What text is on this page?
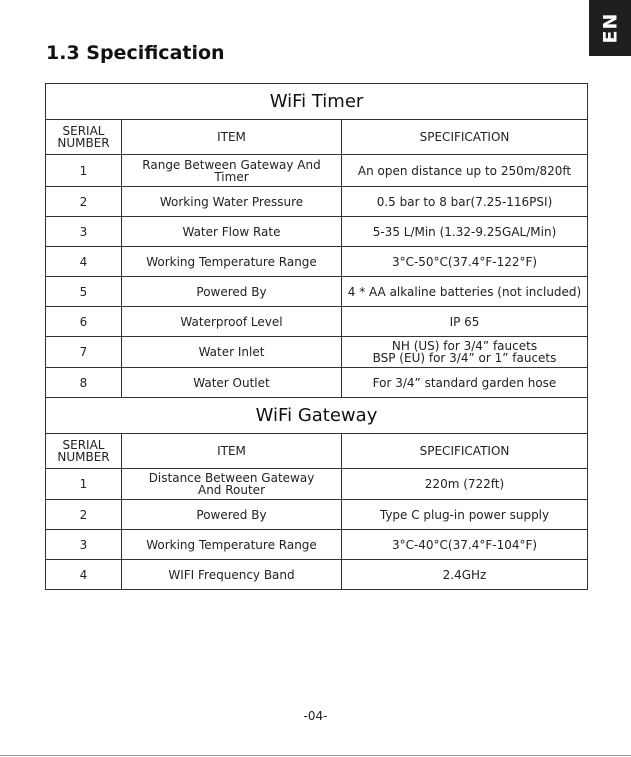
EN
1.3 Specification
WiFi Timer		
SERIAL NUMBER	ITEM	SPECIFICATION
1	Range Between Gateway And Timer	An open distance up to 250m/820ft
2	Working Water Pressure	0.5 bar to 8 bar(7.25-116PSI)
3	Water Flow Rate	5-35 L/Min (1.32-9.25GAL/Min)
4	Working Temperature Range	3°C-50°C(37.4°F-122°F)
5	Powered By	4 * AA alkaline batteries (not included)
6	Waterproof Level	IP 65
7	Water Inlet	NH (US) for 3/4” faucets
BSP (EU) for 3/4” or 1” faucets
8	Water Outlet	For 3/4” standard garden hose
WiFi Gateway		
SERIAL NUMBER	ITEM	SPECIFICATION
1	Distance Between Gateway
And Router	220m (722ft)
2	Powered By	Type C plug-in power supply
3	Working Temperature Range	3°C-40°C(37.4°F-104°F)
4	WIFI Frequency Band	2.4GHz
-04-
